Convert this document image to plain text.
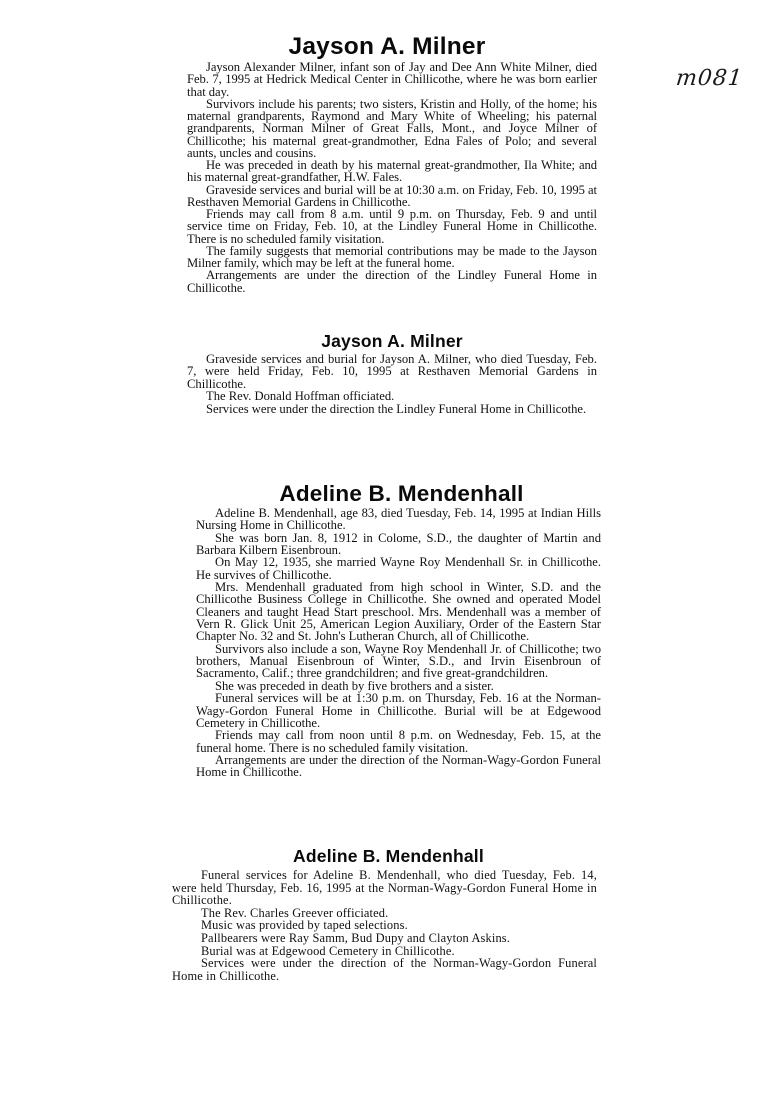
m081
Jayson A. Milner

Jayson Alexander Milner, infant son of Jay and Dee Ann White Milner, died Feb. 7, 1995 at Hedrick Medical Center in Chillicothe, where he was born earlier that day.

Survivors include his parents; two sisters, Kristin and Holly, of the home; his maternal grandparents, Raymond and Mary White of Wheeling; his paternal grandparents, Norman Milner of Great Falls, Mont., and Joyce Milner of Chillicothe; his maternal great-grandmother, Edna Fales of Polo; and several aunts, uncles and cousins.

He was preceded in death by his maternal great-grandmother, Ila White; and his maternal great-grandfather, H.W. Fales.

Graveside services and burial will be at 10:30 a.m. on Friday, Feb. 10, 1995 at Resthaven Memorial Gardens in Chillicothe.

Friends may call from 8 a.m. until 9 p.m. on Thursday, Feb. 9 and until service time on Friday, Feb. 10, at the Lindley Funeral Home in Chillicothe. There is no scheduled family visitation.

The family suggests that memorial contributions may be made to the Jayson Milner family, which may be left at the funeral home.

Arrangements are under the direction of the Lindley Funeral Home in Chillicothe.

Jayson A. Milner

Graveside services and burial for Jayson A. Milner, who died Tuesday, Feb. 7, were held Friday, Feb. 10, 1995 at Resthaven Memorial Gardens in Chillicothe.

The Rev. Donald Hoffman officiated.

Services were under the direction the Lindley Funeral Home in Chillicothe.

Adeline B. Mendenhall

Adeline B. Mendenhall, age 83, died Tuesday, Feb. 14, 1995 at Indian Hills Nursing Home in Chillicothe.

She was born Jan. 8, 1912 in Colome, S.D., the daughter of Martin and Barbara Kilbern Eisenbroun.

On May 12, 1935, she married Wayne Roy Mendenhall Sr. in Chillicothe. He survives of Chillicothe.

Mrs. Mendenhall graduated from high school in Winter, S.D. and the Chillicothe Business College in Chillicothe. She owned and operated Model Cleaners and taught Head Start preschool. Mrs. Mendenhall was a member of Vern R. Glick Unit 25, American Legion Auxiliary, Order of the Eastern Star Chapter No. 32 and St. John's Lutheran Church, all of Chillicothe.

Survivors also include a son, Wayne Roy Mendenhall Jr. of Chillicothe; two brothers, Manual Eisenbroun of Winter, S.D., and Irvin Eisenbroun of Sacramento, Calif.; three grandchildren; and five great-grandchildren.

She was preceded in death by five brothers and a sister.

Funeral services will be at 1:30 p.m. on Thursday, Feb. 16 at the Norman-Wagy-Gordon Funeral Home in Chillicothe. Burial will be at Edgewood Cemetery in Chillicothe.

Friends may call from noon until 8 p.m. on Wednesday, Feb. 15, at the funeral home. There is no scheduled family visitation.

Arrangements are under the direction of the Norman-Wagy-Gordon Funeral Home in Chillicothe.

Adeline B. Mendenhall

Funeral services for Adeline B. Mendenhall, who died Tuesday, Feb. 14, were held Thursday, Feb. 16, 1995 at the Norman-Wagy-Gordon Funeral Home in Chillicothe.

The Rev. Charles Greever officiated.

Music was provided by taped selections.

Pallbearers were Ray Samm, Bud Dupy and Clayton Askins.

Burial was at Edgewood Cemetery in Chillicothe.

Services were under the direction of the Norman-Wagy-Gordon Funeral Home in Chillicothe.
